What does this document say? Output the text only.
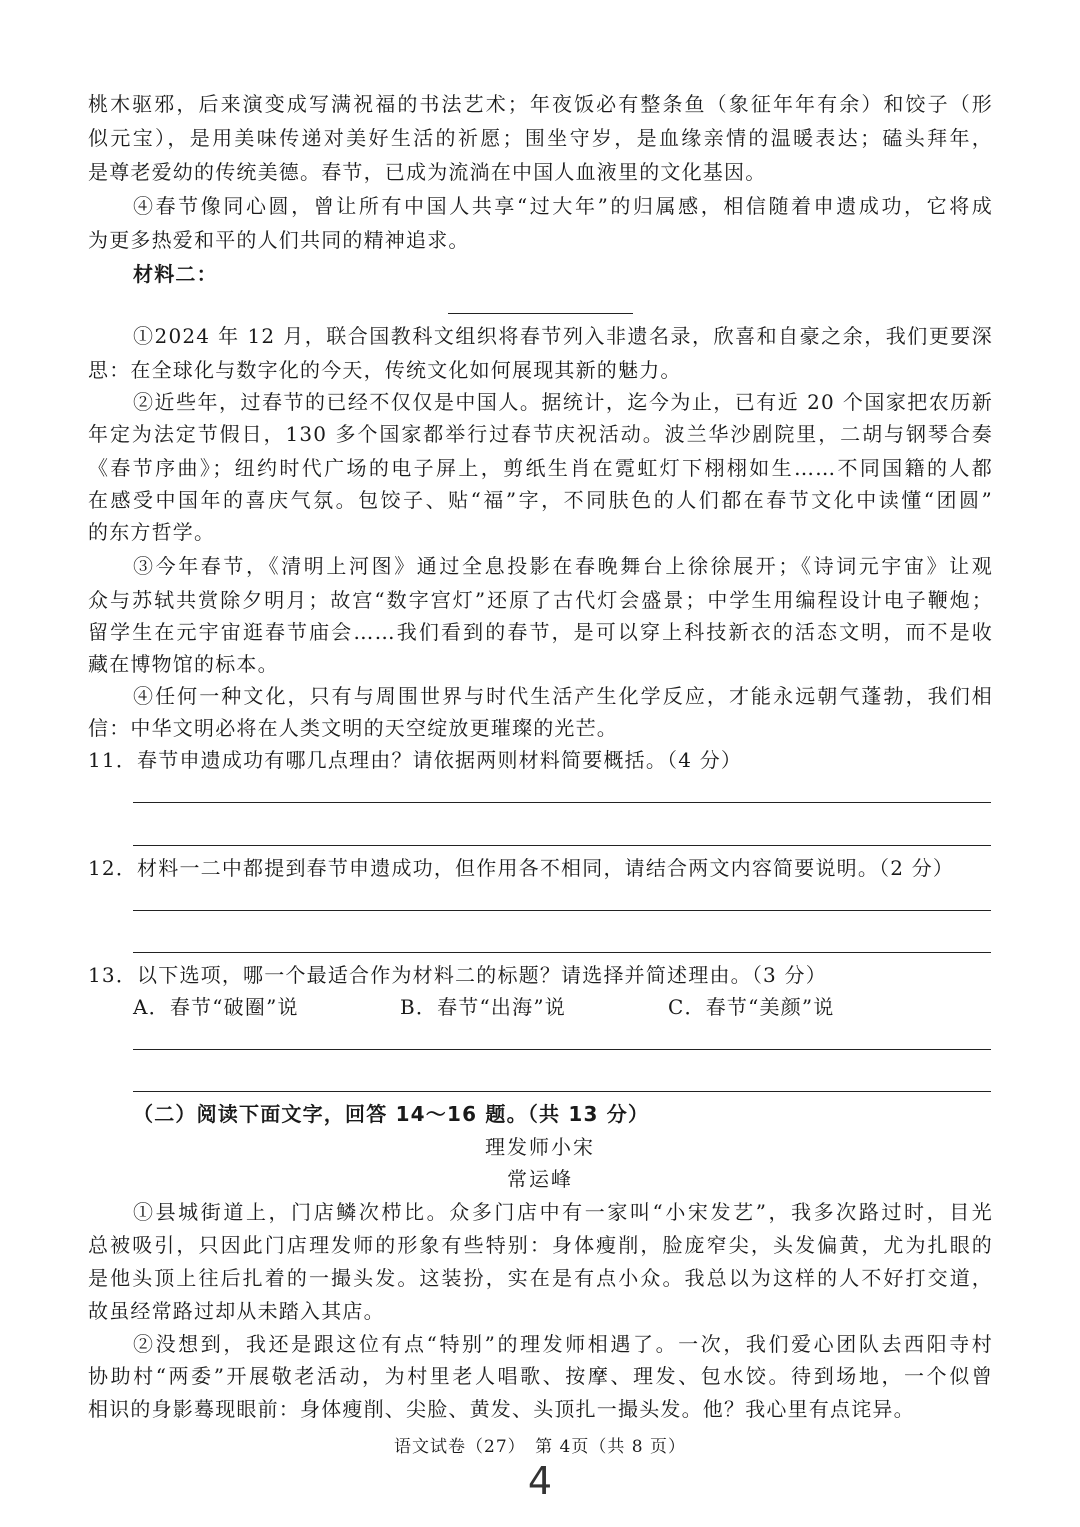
桃木驱邪，后来演变成写满祝福的书法艺术；年夜饭必有整条鱼（象征年年有余）和饺子（形
似元宝），是用美味传递对美好生活的祈愿；围坐守岁，是血缘亲情的温暖表达；磕头拜年，
是尊老爱幼的传统美德。春节，已成为流淌在中国人血液里的文化基因。
④春节像同心圆，曾让所有中国人共享“过大年”的归属感，相信随着申遗成功，它将成
为更多热爱和平的人们共同的精神追求。
材料二：
①2024 年 12 月，联合国教科文组织将春节列入非遗名录，欣喜和自豪之余，我们更要深
思：在全球化与数字化的今天，传统文化如何展现其新的魅力。
②近些年，过春节的已经不仅仅是中国人。据统计，迄今为止，已有近 20 个国家把农历新
年定为法定节假日，130 多个国家都举行过春节庆祝活动。波兰华沙剧院里，二胡与钢琴合奏
《春节序曲》；纽约时代广场的电子屏上，剪纸生肖在霓虹灯下栩栩如生……不同国籍的人都
在感受中国年的喜庆气氛。包饺子、贴“福”字，不同肤色的人们都在春节文化中读懂“团圆”
的东方哲学。
③今年春节，《清明上河图》通过全息投影在春晚舞台上徐徐展开；《诗词元宇宙》让观
众与苏轼共赏除夕明月；故宫“数字宫灯”还原了古代灯会盛景；中学生用编程设计电子鞭炮；
留学生在元宇宙逛春节庙会……我们看到的春节，是可以穿上科技新衣的活态文明，而不是收
藏在博物馆的标本。
④任何一种文化，只有与周围世界与时代生活产生化学反应，才能永远朝气蓬勃，我们相
信：中华文明必将在人类文明的天空绽放更璀璨的光芒。
11．春节申遗成功有哪几点理由？请依据两则材料简要概括。（4 分）
12．材料一二中都提到春节申遗成功，但作用各不相同，请结合两文内容简要说明。（2 分）
13．以下选项，哪一个最适合作为材料二的标题？请选择并简述理由。（3 分）
A．春节“破圈”说	B．春节“出海”说	C．春节“美颜”说
（二）阅读下面文字，回答 14～16 题。（共 13 分）
理发师小宋
常运峰
①县城街道上，门店鳞次栉比。众多门店中有一家叫“小宋发艺”，我多次路过时，目光
总被吸引，只因此门店理发师的形象有些特别：身体瘦削，脸庞窄尖，头发偏黄，尤为扎眼的
是他头顶上往后扎着的一撮头发。这装扮，实在是有点小众。我总以为这样的人不好打交道，
故虽经常路过却从未踏入其店。
②没想到，我还是跟这位有点“特别”的理发师相遇了。一次，我们爱心团队去西阳寺村
协助村“两委”开展敬老活动，为村里老人唱歌、按摩、理发、包水饺。待到场地，一个似曾
相识的身影蓦现眼前：身体瘦削、尖脸、黄发、头顶扎一撮头发。他？我心里有点诧异。
语文试卷（27）　第 4页（共 8 页）
4
